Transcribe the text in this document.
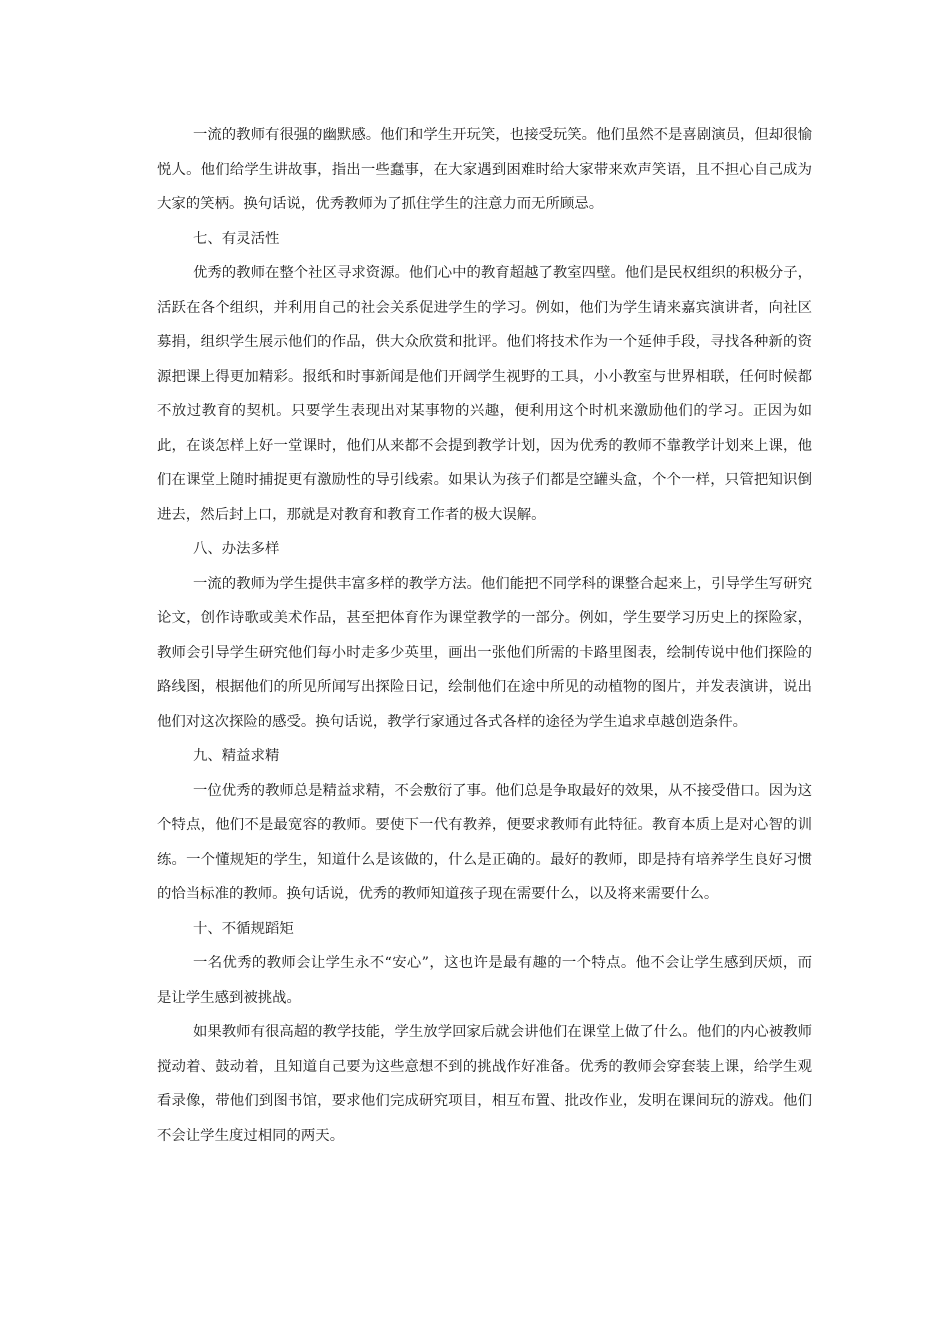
一流的教师有很强的幽默感。他们和学生开玩笑，也接受玩笑。他们虽然不是喜剧演员，但却很愉悦人。他们给学生讲故事，指出一些蠢事，在大家遇到困难时给大家带来欢声笑语，且不担心自己成为大家的笑柄。换句话说，优秀教师为了抓住学生的注意力而无所顾忌。

七、有灵活性

优秀的教师在整个社区寻求资源。他们心中的教育超越了教室四壁。他们是民权组织的积极分子，活跃在各个组织，并利用自己的社会关系促进学生的学习。例如，他们为学生请来嘉宾演讲者，向社区募捐，组织学生展示他们的作品，供大众欣赏和批评。他们将技术作为一个延伸手段，寻找各种新的资源把课上得更加精彩。报纸和时事新闻是他们开阔学生视野的工具，小小教室与世界相联，任何时候都不放过教育的契机。只要学生表现出对某事物的兴趣，便利用这个时机来激励他们的学习。正因为如此，在谈怎样上好一堂课时，他们从来都不会提到教学计划，因为优秀的教师不靠教学计划来上课，他们在课堂上随时捕捉更有激励性的导引线索。如果认为孩子们都是空罐头盒，个个一样，只管把知识倒进去，然后封上口，那就是对教育和教育工作者的极大误解。

八、办法多样

一流的教师为学生提供丰富多样的教学方法。他们能把不同学科的课整合起来上，引导学生写研究论文，创作诗歌或美术作品，甚至把体育作为课堂教学的一部分。例如，学生要学习历史上的探险家，教师会引导学生研究他们每小时走多少英里，画出一张他们所需的卡路里图表，绘制传说中他们探险的路线图，根据他们的所见所闻写出探险日记，绘制他们在途中所见的动植物的图片，并发表演讲，说出他们对这次探险的感受。换句话说，教学行家通过各式各样的途径为学生追求卓越创造条件。

九、精益求精

一位优秀的教师总是精益求精，不会敷衍了事。他们总是争取最好的效果，从不接受借口。因为这个特点，他们不是最宽容的教师。要使下一代有教养，便要求教师有此特征。教育本质上是对心智的训练。一个懂规矩的学生，知道什么是该做的，什么是正确的。最好的教师，即是持有培养学生良好习惯的恰当标准的教师。换句话说，优秀的教师知道孩子现在需要什么，以及将来需要什么。

十、不循规蹈矩

一名优秀的教师会让学生永不“安心”，这也许是最有趣的一个特点。他不会让学生感到厌烦，而是让学生感到被挑战。

如果教师有很高超的教学技能，学生放学回家后就会讲他们在课堂上做了什么。他们的内心被教师搅动着、鼓动着，且知道自己要为这些意想不到的挑战作好准备。优秀的教师会穿套装上课，给学生观看录像，带他们到图书馆，要求他们完成研究项目，相互布置、批改作业，发明在课间玩的游戏。他们不会让学生度过相同的两天。
